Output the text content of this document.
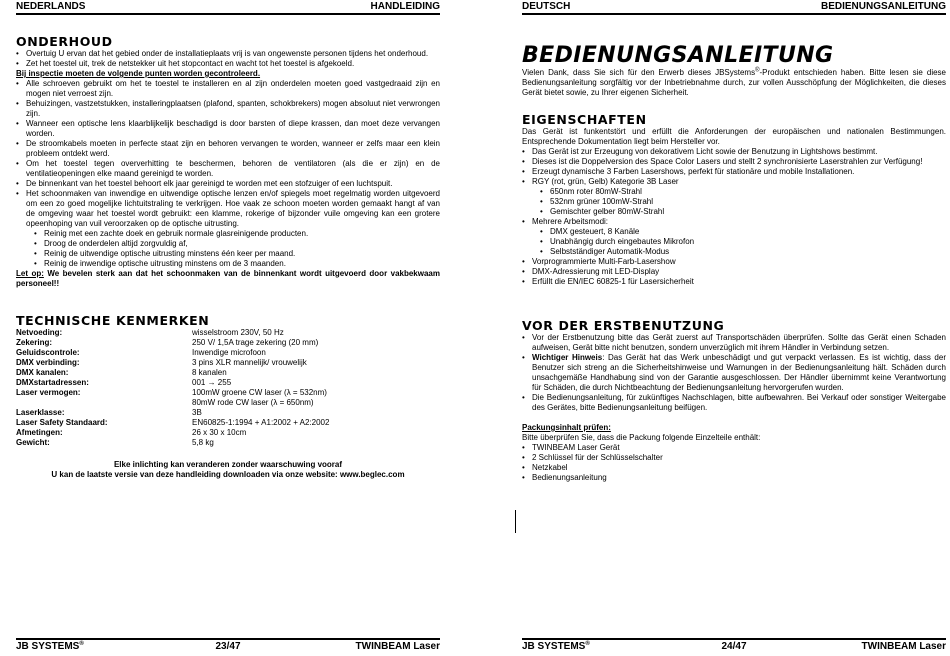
NEDERLANDS	HANDLEIDING
ONDERHOUD
• Overtuig U ervan dat het gebied onder de installatieplaats vrij is van ongewenste personen tijdens het onderhoud.
• Zet het toestel uit, trek de netstekker uit het stopcontact en wacht tot het toestel is afgekoeld.

Bij inspectie moeten de volgende punten worden gecontroleerd.

• Alle schroeven gebruikt om het te toestel te installeren en al zijn onderdelen moeten goed vastgedraaid zijn en mogen niet verroest zijn.
• Behuizingen, vastzetstukken, installeringplaatsen (plafond, spanten, schokbrekers) mogen absoluut niet verwrongen zijn.
• Wanneer een optische lens klaarblijkelijk beschadigd is door barsten of diepe krassen, dan moet deze vervangen worden.
• De stroomkabels moeten in perfecte staat zijn en behoren vervangen te worden, wanneer er zelfs maar een klein probleem ontdekt werd.
• Om het toestel tegen oververhitting te beschermen, behoren de ventilatoren (als die er zijn) en de ventilatieopeningen elke maand gereinigd te worden.
• De binnenkant van het toestel behoort elk jaar gereinigd te worden met een stofzuiger of een luchtspuit.
• Het schoonmaken van inwendige en uitwendige optische lenzen en/of spiegels moet regelmatig worden uitgevoerd om een zo goed mogelijke lichtuitstraling te verkrijgen. Hoe vaak ze schoon moeten worden gemaakt hangt af van de omgeving waar het toestel wordt gebruikt: een klamme, rokerige of bijzonder vuile omgeving kan een grotere opeenhoping van vuil veroorzaken op de optische uitrusting.
• Reinig met een zachte doek en gebruik normale glasreinigende producten.
• Droog de onderdelen altijd zorgvuldig af,
• Reinig de uitwendige optische uitrusting minstens één keer per maand.
• Reinig de inwendige optische uitrusting minstens om de 3 maanden.

Let op: We bevelen sterk aan dat het schoonmaken van de binnenkant wordt uitgevoerd door vakbekwaam personeel!!

TECHNISCHE KENMERKEN
Netvoeding:	wisselstroom 230V, 50 Hz
Zekering:	250 V/ 1,5A trage zekering (20 mm)
Geluidscontrole:	Inwendige microfoon
DMX verbinding:	3 pins XLR mannelijk/ vrouwelijk
DMX kanalen:	8 kanalen
DMXstartadressen:	001 → 255
Laser vermogen:	100mW groene CW laser (λ = 532nm)
	80mW rode CW laser (λ = 650nm)
Laserklasse:	3B
Laser Safety Standaard:	EN60825-1:1994 + A1:2002 + A2:2002
Afmetingen:	26 x 30 x 10cm
Gewicht:	5,8 kg

Elke inlichting kan veranderen zonder waarschuwing vooraf

U kan de laatste versie van deze handleiding downloaden via onze website: www.beglec.com

JB SYSTEMS®	23/47	TWINBEAM Laser
DEUTSCH	BEDIENUNGSANLEITUNG
BEDIENUNGSANLEITUNG

Vielen Dank, dass Sie sich für den Erwerb dieses JBSystems®-Produkt entschieden haben. Bitte lesen sie diese Bedienungsanleitung sorgfältig vor der Inbetriebnahme durch, zur vollen Ausschöpfung der Möglichkeiten, die dieses Gerät bietet sowie, zu Ihrer eigenen Sicherheit.

EIGENSCHAFTEN

Das Gerät ist funkentstört und erfüllt die Anforderungen der europäischen und nationalen Bestimmungen. Entsprechende Dokumentation liegt beim Hersteller vor.

• Das Gerät ist zur Erzeugung von dekorativem Licht sowie der Benutzung in Lightshows bestimmt.
• Dieses ist die Doppelversion des Space Color Lasers und stellt 2 synchronisierte Laserstrahlen zur Verfügung!
• Erzeugt dynamische 3 Farben Lasershows, perfekt für stationäre und mobile Installationen.
• RGY (rot, grün, Gelb) Kategorie 3B Laser
• 650nm roter 80mW-Strahl
• 532nm grüner 100mW-Strahl
• Gemischter gelber 80mW-Strahl
• Mehrere Arbeitsmodi:
• DMX gesteuert, 8 Kanäle
• Unabhängig durch eingebautes Mikrofon
• Selbstständiger Automatik-Modus
• Vorprogrammierte Multi-Farb-Lasershow
• DMX-Adressierung mit LED-Display
• Erfüllt die EN/IEC 60825-1 für Lasersicherheit
VOR DER ERSTBENUTZUNG
• Vor der Erstbenutzung bitte das Gerät zuerst auf Transportschäden überprüfen. Sollte das Gerät einen Schaden aufweisen, Gerät bitte nicht benutzen, sondern unverzüglich mit ihrem Händler in Verbindung setzen.
• Wichtiger Hinweis: Das Gerät hat das Werk unbeschädigt und gut verpackt verlassen. Es ist wichtig, dass der Benutzer sich streng an die Sicherheitshinweise und Warnungen in der Bedienungsanleitung hält. Schäden durch unsachgemäße Handhabung sind von der Garantie ausgeschlossen. Der Händler übernimmt keine Verantwortung für Schäden, die durch Nichtbeachtung der Bedienungsanleitung hervorgerufen wurden.
• Die Bedienungsanleitung, für zukünftiges Nachschlagen, bitte aufbewahren. Bei Verkauf oder sonstiger Weitergabe des Gerätes, bitte Bedienungsanleitung beifügen.

Packungsinhalt prüfen:

Bitte überprüfen Sie, dass die Packung folgende Einzelteile enthält:

• TWINBEAM Laser Gerät
• 2 Schlüssel für der Schlüsselschalter
• Netzkabel
• Bedienungsanleitung
JB SYSTEMS®	24/47	TWINBEAM Laser
